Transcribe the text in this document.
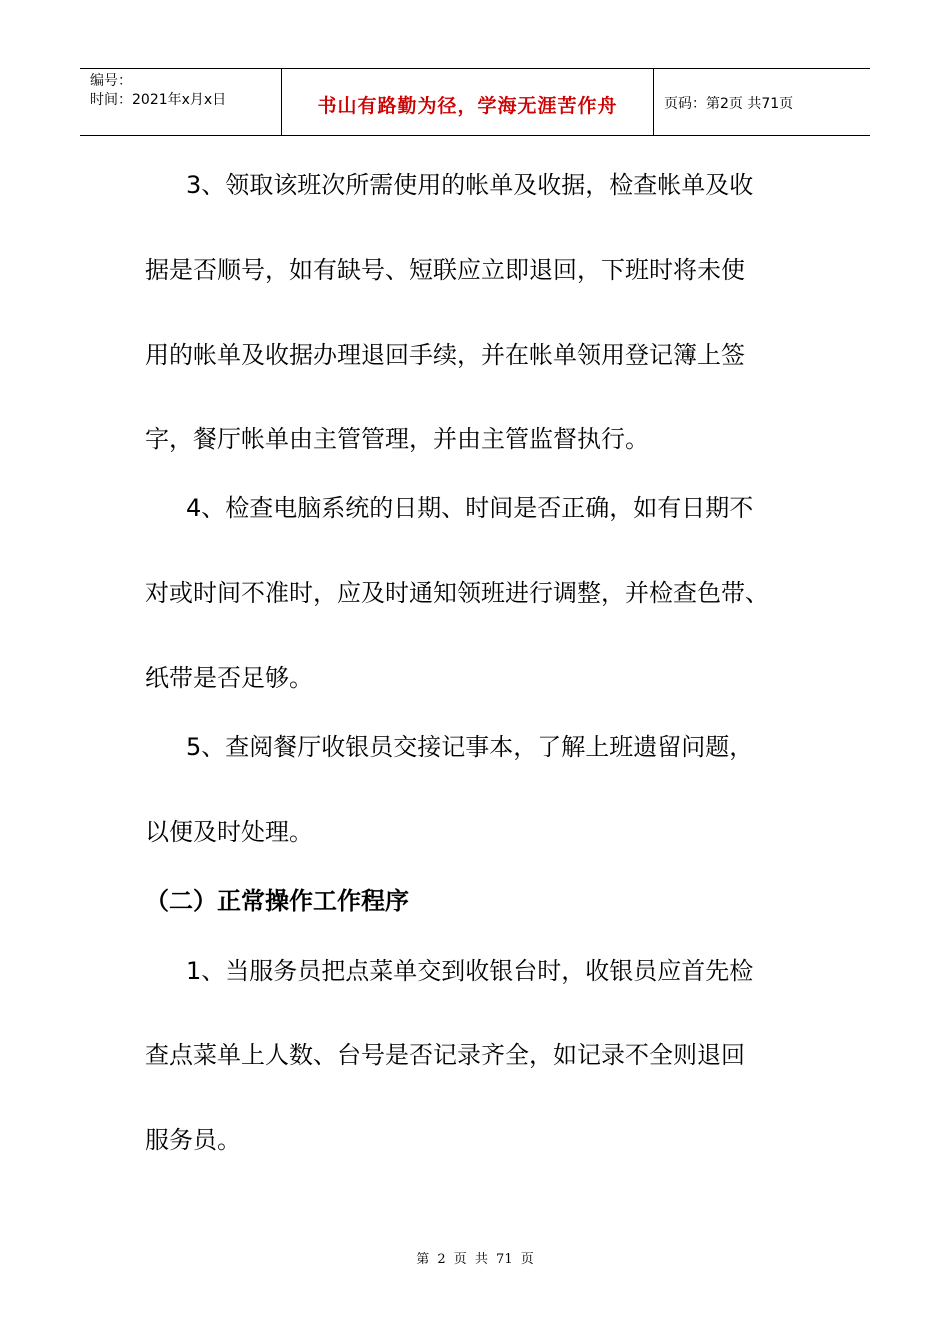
编号：
时间：2021年x月x日	书山有路勤为径，学海无涯苦作舟	页码：第2页 共71页
3、领取该班次所需使用的帐单及收据，检查帐单及收
据是否顺号，如有缺号、短联应立即退回，下班时将未使
用的帐单及收据办理退回手续，并在帐单领用登记簿上签
字，餐厅帐单由主管管理，并由主管监督执行。
4、检查电脑系统的日期、时间是否正确，如有日期不
对或时间不准时，应及时通知领班进行调整，并检查色带、
纸带是否足够。
5、查阅餐厅收银员交接记事本，了解上班遗留问题，
以便及时处理。
（二）正常操作工作程序
1、当服务员把点菜单交到收银台时，收银员应首先检
查点菜单上人数、台号是否记录齐全，如记录不全则退回
服务员。
第 2 页 共 71 页
